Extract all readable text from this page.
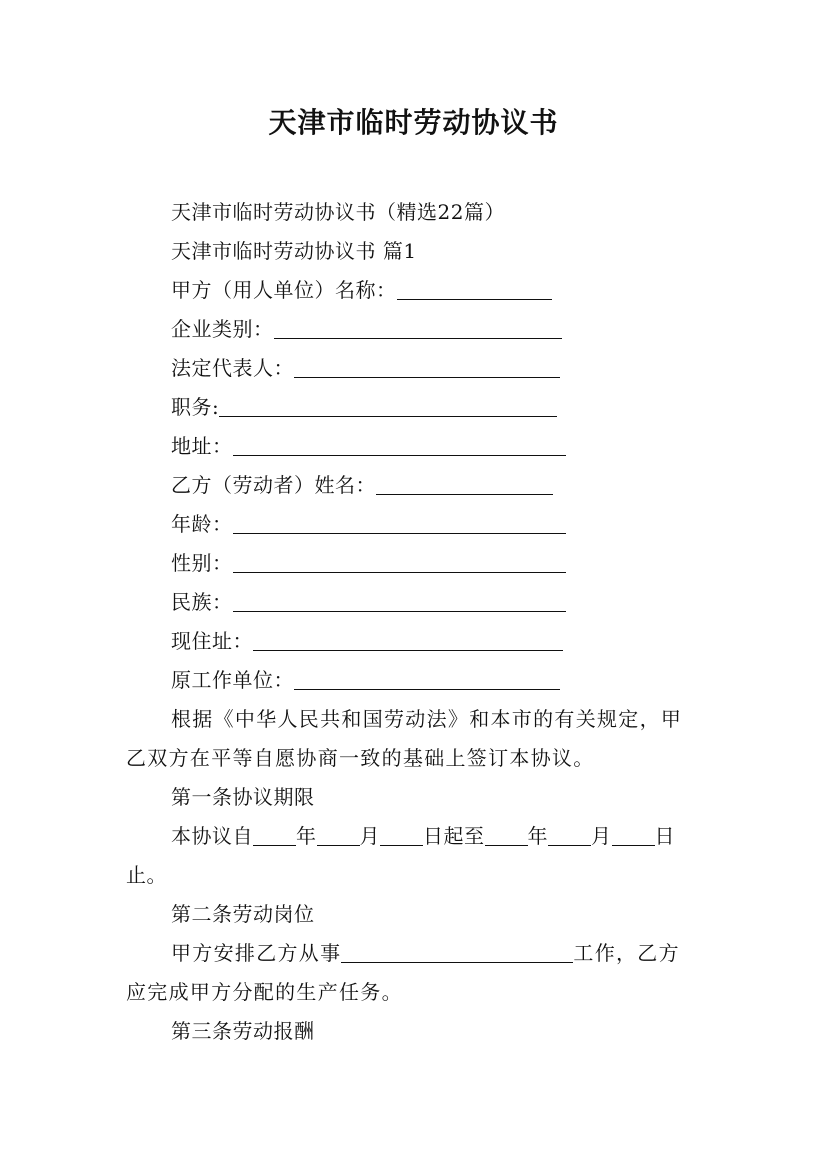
天津市临时劳动协议书
天津市临时劳动协议书（精选22篇）
天津市临时劳动协议书 篇1
甲方（用人单位）名称：
企业类别：
法定代表人：
职务:
地址：
乙方（劳动者）姓名：
年龄：
性别：
民族：
现住址：
原工作单位：
根据《中华人民共和国劳动法》和本市的有关规定，甲
乙双方在平等自愿协商一致的基础上签订本协议。
第一条协议期限
本协议自 年 月 日起至 年 月 日
止。
第二条劳动岗位
甲方安排乙方从事	工作，乙方
应完成甲方分配的生产任务。
第三条劳动报酬
